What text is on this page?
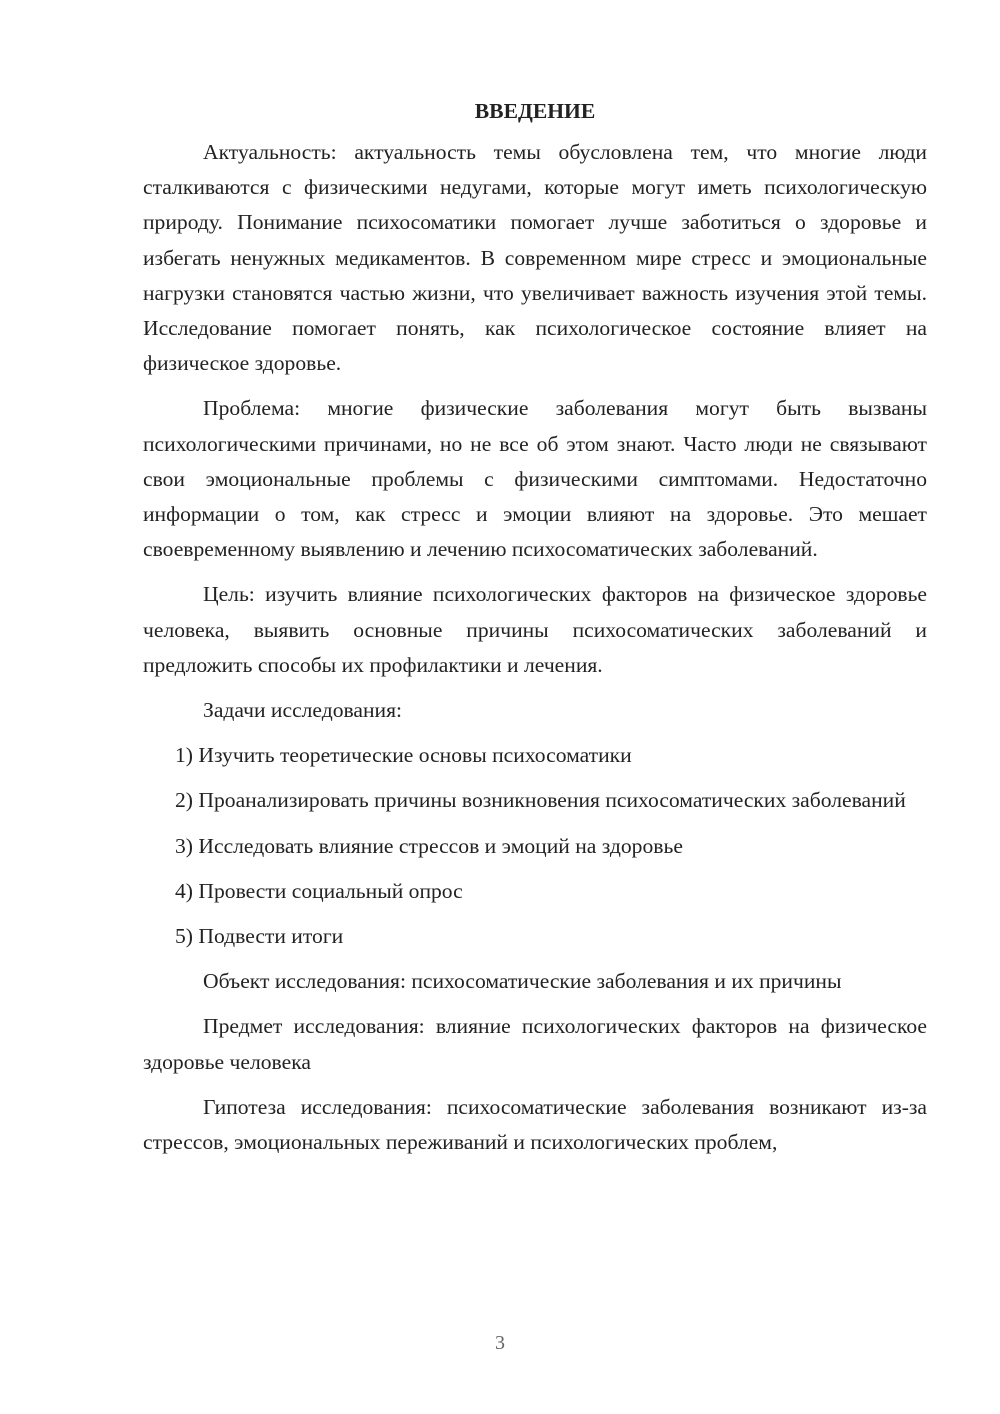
ВВЕДЕНИЕ

Актуальность: актуальность темы обусловлена тем, что многие люди сталкиваются с физическими недугами, которые могут иметь психологическую природу. Понимание психосоматики помогает лучше заботиться о здоровье и избегать ненужных медикаментов. В современном мире стресс и эмоциональные нагрузки становятся частью жизни, что увеличивает важность изучения этой темы. Исследование помогает понять, как психологическое состояние влияет на физическое здоровье.

Проблема: многие физические заболевания могут быть вызваны психологическими причинами, но не все об этом знают. Часто люди не связывают свои эмоциональные проблемы с физическими симптомами. Недостаточно информации о том, как стресс и эмоции влияют на здоровье. Это мешает своевременному выявлению и лечению психосоматических заболеваний.

Цель: изучить влияние психологических факторов на физическое здоровье человека, выявить основные причины психосоматических заболеваний и предложить способы их профилактики и лечения.

Задачи исследования:

1) Изучить теоретические основы психосоматики

2) Проанализировать причины возникновения психосоматических заболеваний

3) Исследовать влияние стрессов и эмоций на здоровье

4) Провести социальный опрос

5) Подвести итоги

Объект исследования: психосоматические заболевания и их причины

Предмет исследования: влияние психологических факторов на физическое здоровье человека

Гипотеза исследования: психосоматические заболевания возникают из-за стрессов, эмоциональных переживаний и психологических проблем,

3
